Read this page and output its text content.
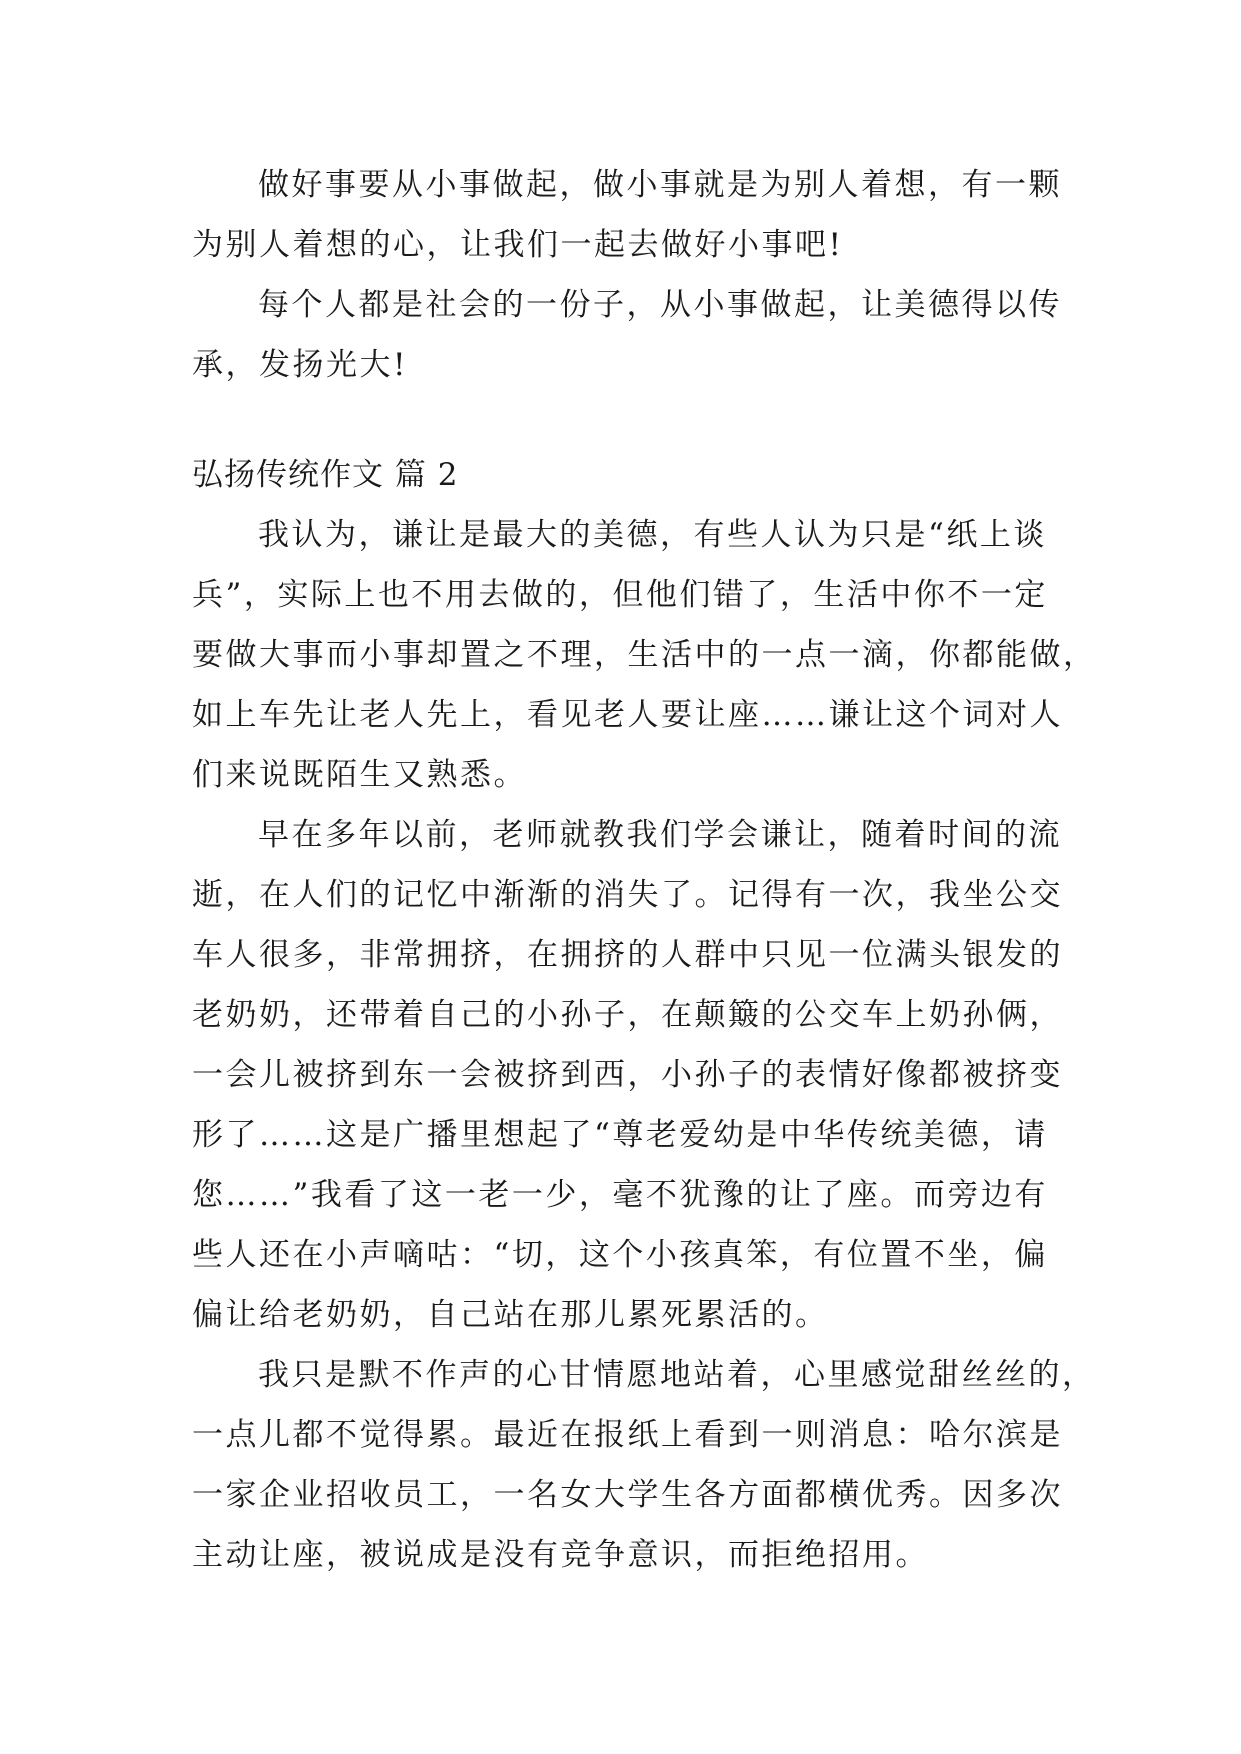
做好事要从小事做起，做小事就是为别人着想，有一颗

为别人着想的心，让我们一起去做好小事吧!

每个人都是社会的一份子，从小事做起，让美德得以传

承，发扬光大!

弘扬传统作文 篇 2

我认为，谦让是最大的美德，有些人认为只是“纸上谈

兵”，实际上也不用去做的，但他们错了，生活中你不一定

要做大事而小事却置之不理，生活中的一点一滴，你都能做，

如上车先让老人先上，看见老人要让座……谦让这个词对人

们来说既陌生又熟悉。

早在多年以前，老师就教我们学会谦让，随着时间的流

逝，在人们的记忆中渐渐的消失了。记得有一次，我坐公交

车人很多，非常拥挤，在拥挤的人群中只见一位满头银发的

老奶奶，还带着自己的小孙子，在颠簸的公交车上奶孙俩，

一会儿被挤到东一会被挤到西，小孙子的表情好像都被挤变

形了……这是广播里想起了“尊老爱幼是中华传统美德，请

您……”我看了这一老一少，毫不犹豫的让了座。而旁边有

些人还在小声嘀咕：“切，这个小孩真笨，有位置不坐，偏

偏让给老奶奶，自己站在那儿累死累活的。

我只是默不作声的心甘情愿地站着，心里感觉甜丝丝的，

一点儿都不觉得累。最近在报纸上看到一则消息：哈尔滨是

一家企业招收员工，一名女大学生各方面都横优秀。因多次

主动让座，被说成是没有竞争意识，而拒绝招用。
